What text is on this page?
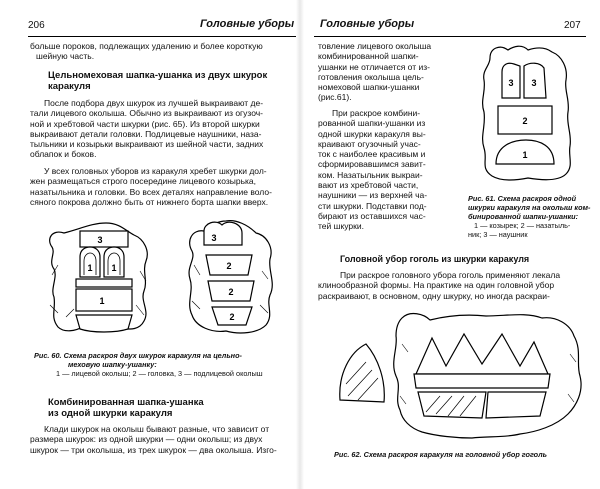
206	Головные уборы

больше пороков, подлежащих удалению и более короткую

шейную часть.

Цельномеховая шапка-ушанка из двух шкурок
каракуля

После подбора двух шкурок из лучшей выкраивают де-

тали лицевого околыша. Обычно из выкраивают из огузоч-

ной и хребтовой части шкурки (рис. 65). Из второй шкурки

выкраивают детали головки. Подлицевые наушники, назa-

тыльники и козырьки выкраивают из шейной части, задних

облапок и боков.

У всех головных уборов из каракуля хребет шкурки дол-

жен размещаться строго посередине лицевого козырька,

назатыльника и головки. Во всех деталях направление воло-

сяного покрова должно быть от нижнего борта шапки вверх.

3
1 1
1
3
2
2
2
Рис. 60. Схема раскроя двух шкурок каракуля на цельно-
меховую шапку-ушанку:
1 — лицевой околыш; 2 — головка, 3 — подлицевой околыш
Комбинированная шапка-ушанка
из одной шкурки каракуля

Клади шкурок на околыш бывают разные, что зависит от

размера шкурок: из одной шкурки — одни околыш; из двух

шкурок — три околыша, из трех шкурок — два околыша. Изго-

Головные уборы	207

товление лицевого околыша

комбинированной шапки-

ушанки не отличается от из-

готовления околыша цель-

номеховой шапки-ушанки

(рис.61).

При раскрое комбини-

рованной шапки-ушанки из

одной шкурки каракуля вы-

краивают огузочный учас-

ток с наиболее красивым и

сформировавшимся завит-

ком. Назатыльник выкраи-

вают из хребтовой части,

наушники — из верхней ча-

сти шкурки. Подставки под-

бирают из оставшихся час-

тей шкурки.

3 3
2
1
Рис. 61. Схема раскроя одной
шкурки каракуля на околыш ком-
бинированной шапки-ушанки:
1 — козырек; 2 — назатыль-
ник; 3 — наушник
Головной убор гоголь из шкурки каракуля

При раскрое головного убора гоголь применяют лекала

клинообразной формы. На практике на один головной убор

раскраивают, в основном, одну шкурку, но иногда раскраи-

Рис. 62. Схема раскроя каракуля на головной убор гоголь
